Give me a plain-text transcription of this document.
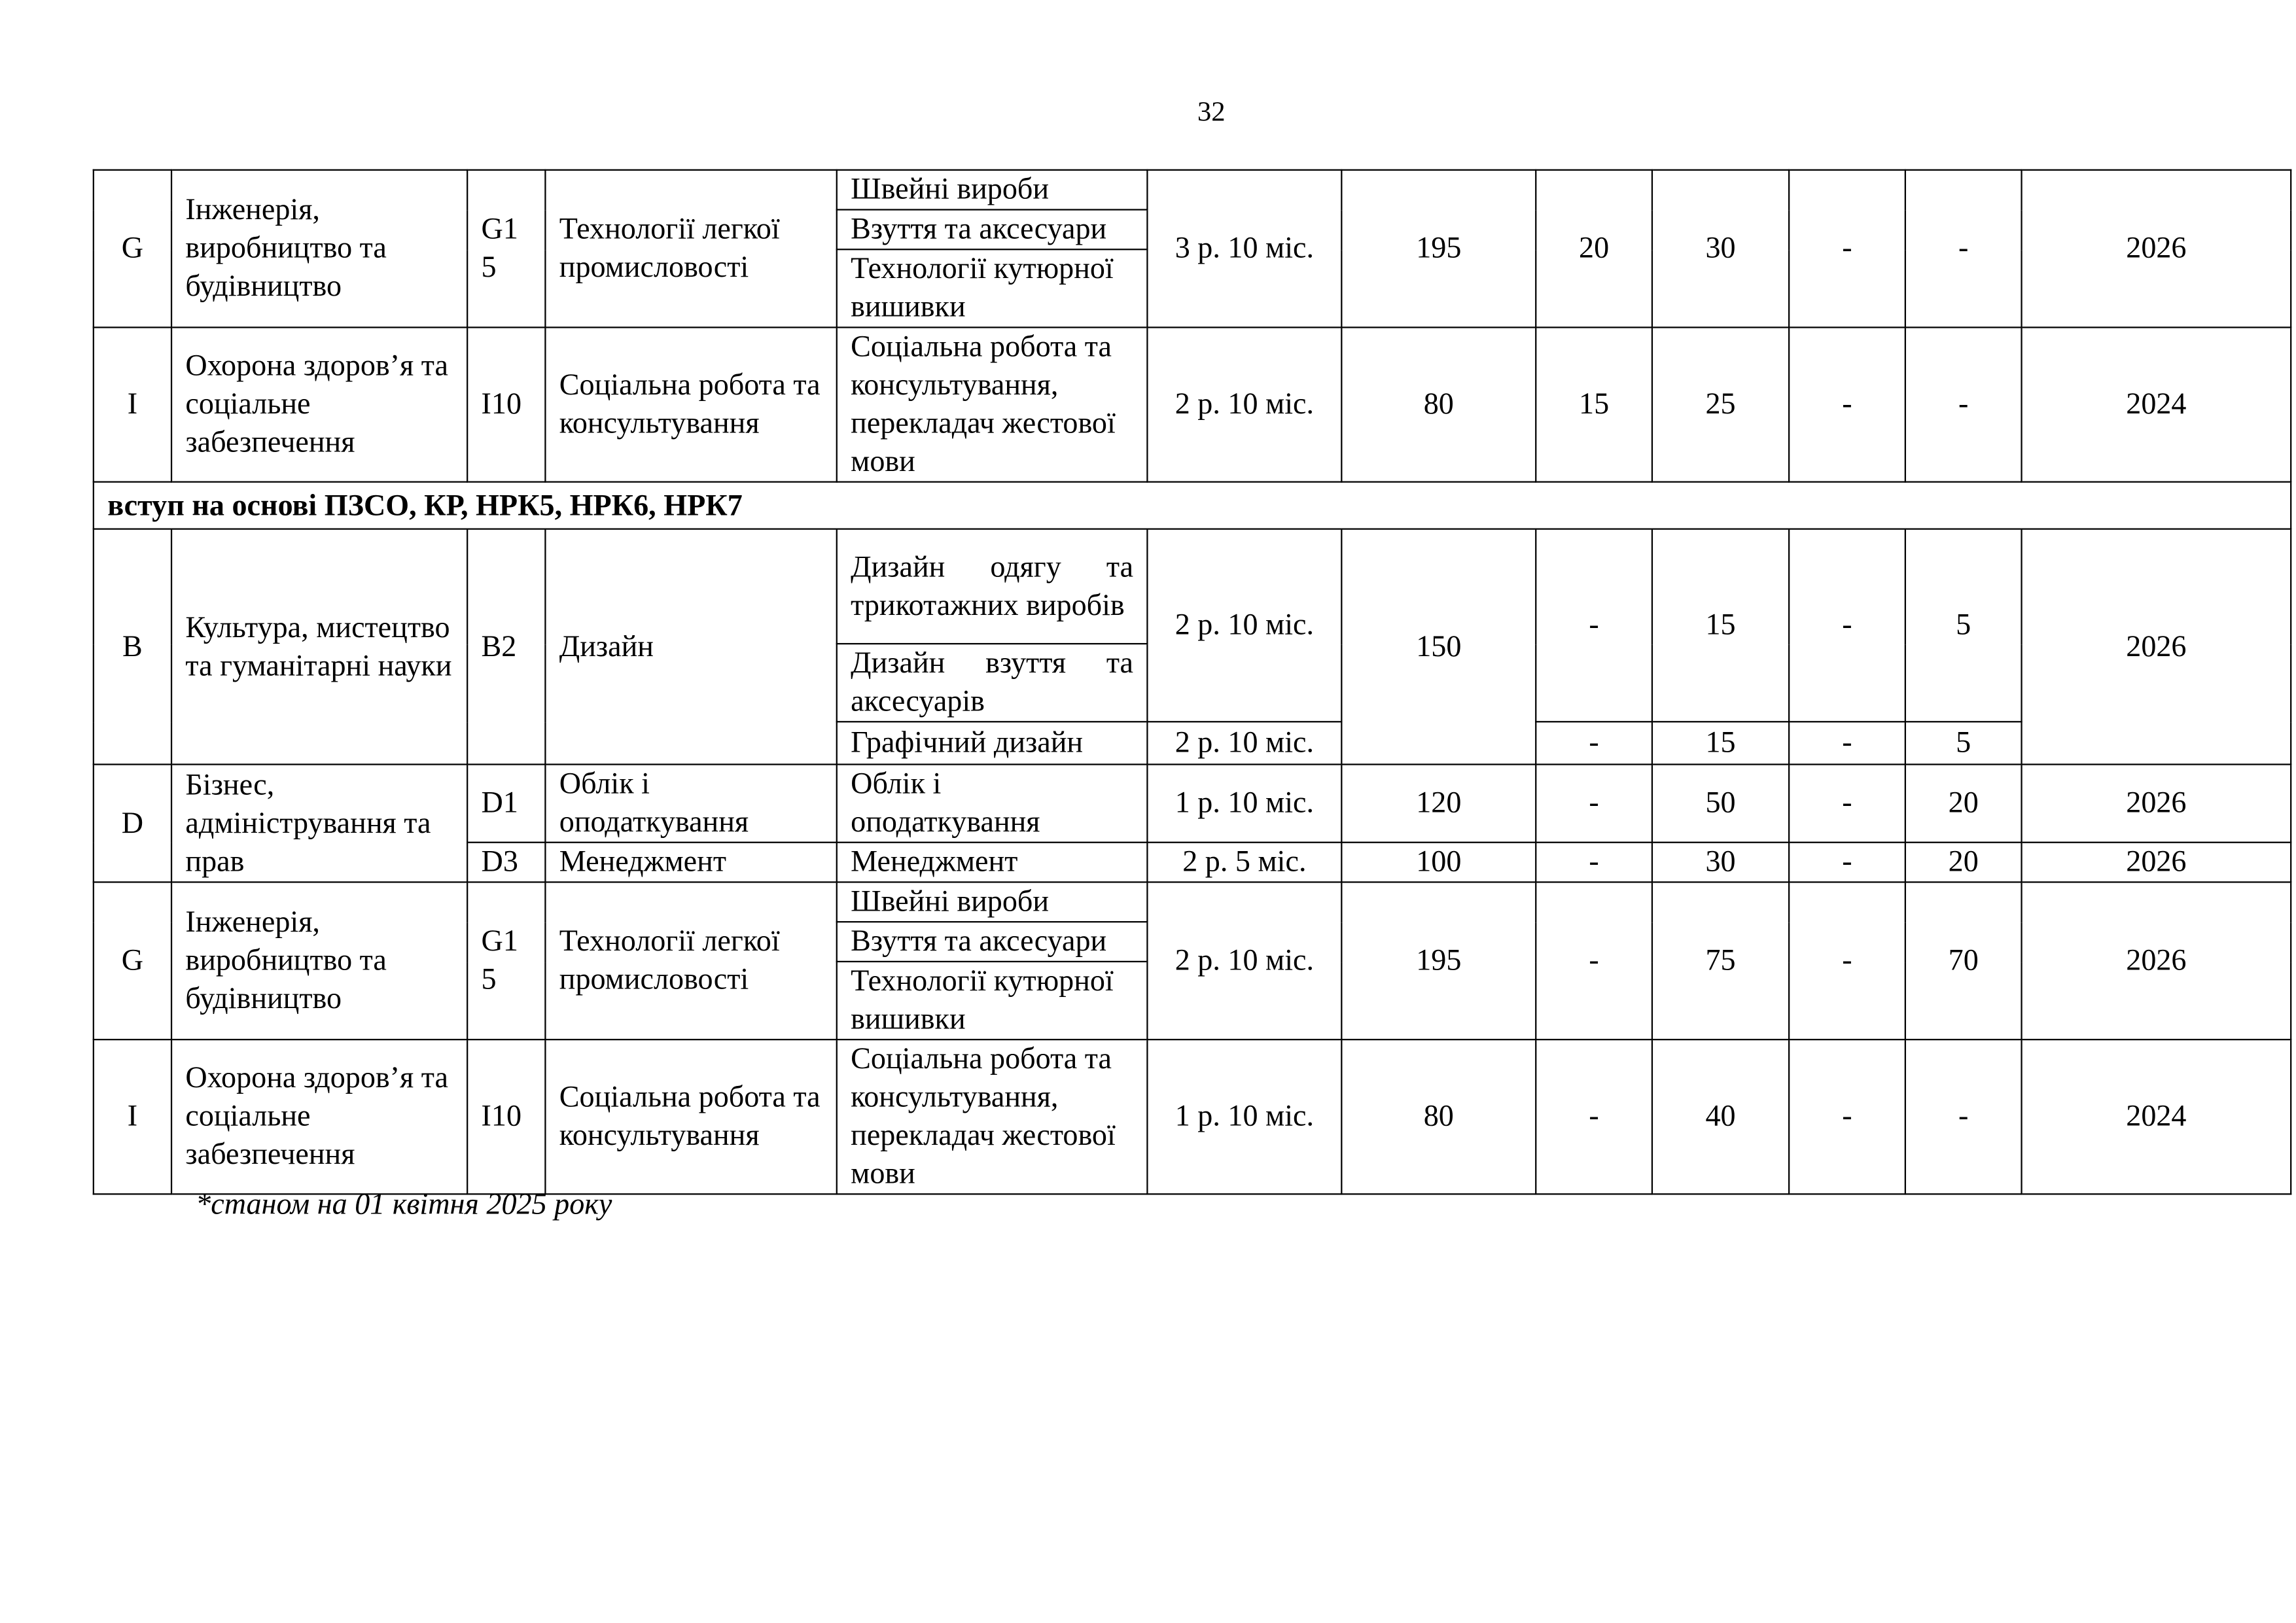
32
G	Інженерія, виробництво та будівництво	G1 5	Технології легкої промисловості	Швейні вироби	3 р. 10 міс.	195	20	30	-	-	2026
				Взуття та аксесуари							
				Технології кутюрної вишивки							
I	Охорона здоров’я та соціальне забезпечення	I10	Соціальна робота та консультування	Соціальна робота та консультування, перекладач жестової мови	2 р. 10 міс.	80	15	25	-	-	2024
вступ на основі ПЗСО, КР, НРК5, НРК6, НРК7											
B	Культура, мистецтво та гуманітарні науки	B2	Дизайн	Дизайн одягу та трикотажних виробів	2 р. 10 міс.	150	-	15	-	5	2026
				Дизайн взуття та аксесуарів							
				Графічний дизайн	2 р. 10 міс.		-	15	-	5	
D	Бізнес, адміністрування та прав	D1	Облік і оподаткування	Облік і оподаткування	1 р. 10 міс.	120	-	50	-	20	2026
		D3	Менеджмент	Менеджмент	2 р. 5 міс.	100	-	30	-	20	2026
G	Інженерія, виробництво та будівництво	G1 5	Технології легкої промисловості	Швейні вироби	2 р. 10 міс.	195	-	75	-	70	2026
				Взуття та аксесуари							
				Технології кутюрної вишивки							
I	Охорона здоров’я та соціальне забезпечення	I10	Соціальна робота та консультування	Соціальна робота та консультування, перекладач жестової мови	1 р. 10 міс.	80	-	40	-	-	2024
*станом на 01 квітня 2025 року
